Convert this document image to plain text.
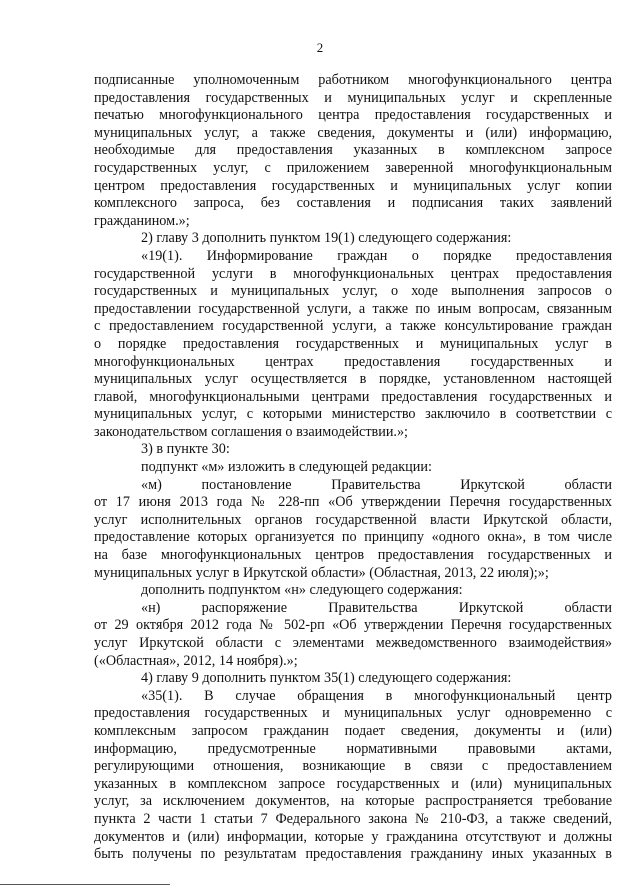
2
подписанные уполномоченным работником многофункционального центра
предоставления государственных и муниципальных услуг и скрепленные
печатью многофункционального центра предоставления государственных и
муниципальных услуг, а также сведения, документы и (или) информацию,
необходимые для предоставления указанных в комплексном запросе
государственных услуг, с приложением заверенной многофункциональным
центром предоставления государственных и муниципальных услуг копии
комплексного запроса, без составления и подписания таких заявлений
гражданином.»;
2) главу 3 дополнить пунктом 19(1) следующего содержания:
«19(1). Информирование граждан о порядке предоставления
государственной услуги в многофункциональных центрах предоставления
государственных и муниципальных услуг, о ходе выполнения запросов о
предоставлении государственной услуги, а также по иным вопросам, связанным
с предоставлением государственной услуги, а также консультирование граждан
о порядке предоставления государственных и муниципальных услуг в
многофункциональных центрах предоставления государственных и
муниципальных услуг осуществляется в порядке, установленном настоящей
главой, многофункциональными центрами предоставления государственных и
муниципальных услуг, с которыми министерство заключило в соответствии с
законодательством соглашения о взаимодействии.»;
3) в пункте 30:
подпункт «м» изложить в следующей редакции:
«м) постановление Правительства Иркутской области
от 17 июня 2013 года № 228-пп «Об утверждении Перечня государственных
услуг исполнительных органов государственной власти Иркутской области,
предоставление которых организуется по принципу «одного окна», в том числе
на базе многофункциональных центров предоставления государственных и
муниципальных услуг в Иркутской области» (Областная, 2013, 22 июля);»;
дополнить подпунктом «н» следующего содержания:
«н) распоряжение Правительства Иркутской области
от 29 октября 2012 года № 502-рп «Об утверждении Перечня государственных
услуг Иркутской области с элементами межведомственного взаимодействия»
(«Областная», 2012, 14 ноября).»;
4) главу 9 дополнить пунктом 35(1) следующего содержания:
«35(1). В случае обращения в многофункциональный центр
предоставления государственных и муниципальных услуг одновременно с
комплексным запросом гражданин подает сведения, документы и (или)
информацию, предусмотренные нормативными правовыми актами,
регулирующими отношения, возникающие в связи с предоставлением
указанных в комплексном запросе государственных и (или) муниципальных
услуг, за исключением документов, на которые распространяется требование
пункта 2 части 1 статьи 7 Федерального закона № 210-ФЗ, а также сведений,
документов и (или) информации, которые у гражданина отсутствуют и должны
быть получены по результатам предоставления гражданину иных указанных в
